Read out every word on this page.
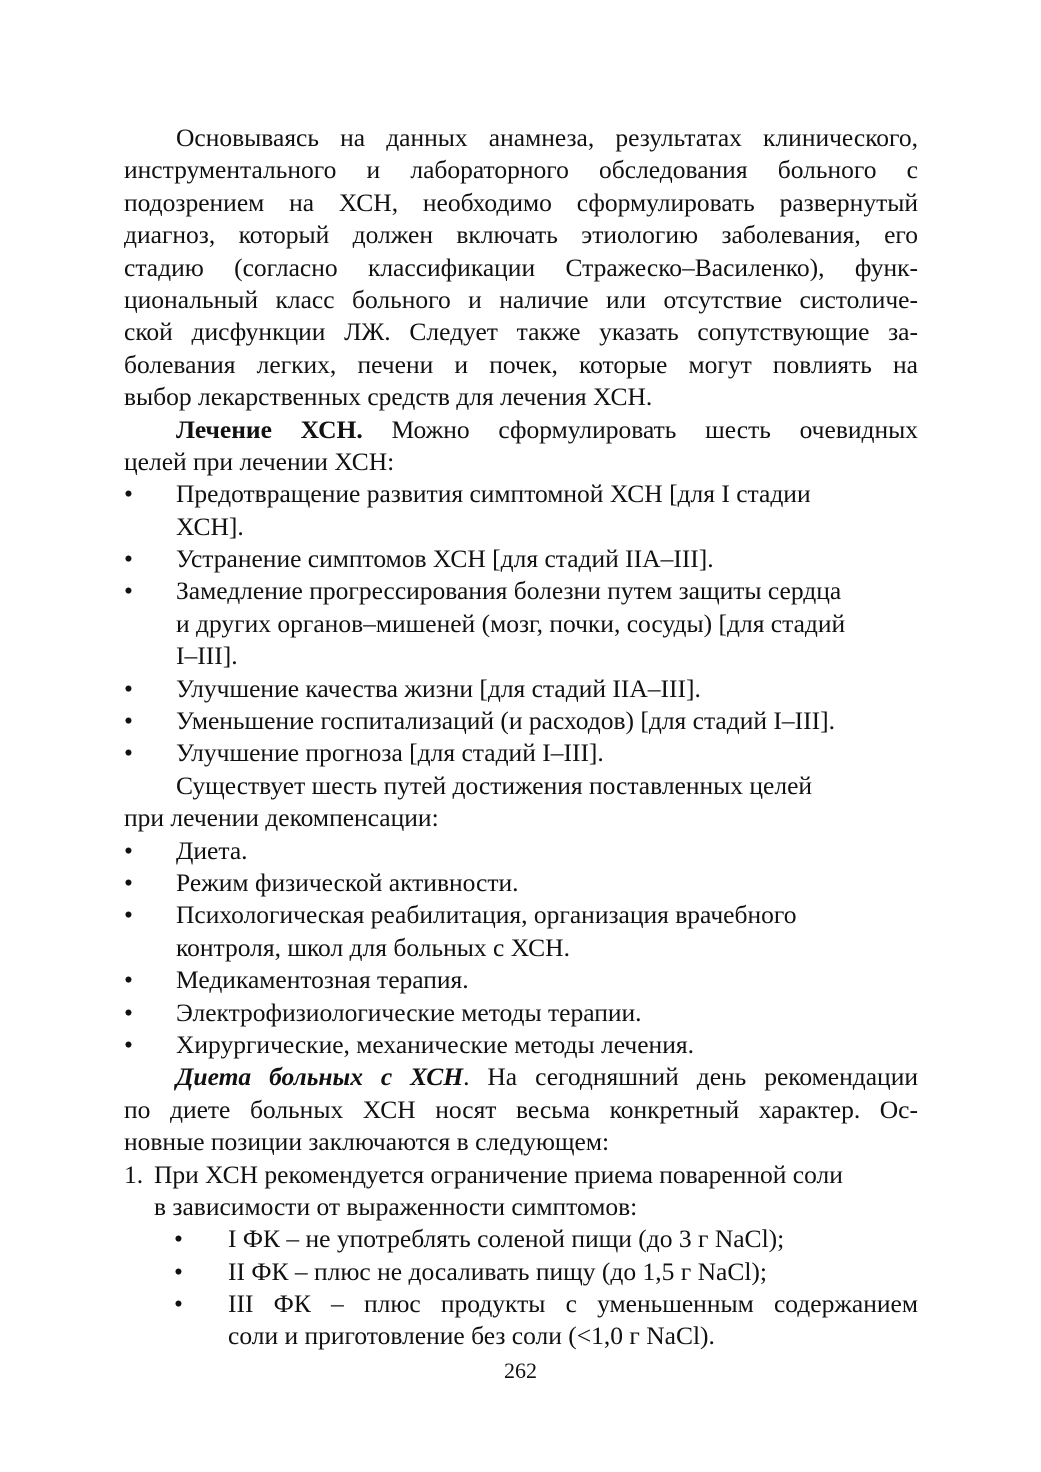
Основываясь на данных анамнеза, результатах клинического,
инструментального и лабораторного обследования больного с
подозрением на ХСН, необходимо сформулировать развернутый
диагноз, который должен включать этиологию заболевания, его
стадию (согласно классификации Стражеско–Василенко), функ-
циональный класс больного и наличие или отсутствие систоличе-
ской дисфункции ЛЖ. Следует также указать сопутствующие за-
болевания легких, печени и почек, которые могут повлиять на
выбор лекарственных средств для лечения ХСН.
Лечение ХСН. Можно сформулировать шесть очевидных
целей при лечении ХСН:
• Предотвращение развития симптомной ХСН [для I стадии
ХСН].
• Устранение симптомов ХСН [для стадий IIA–III].
• Замедление прогрессирования болезни путем защиты сердца
и других органов–мишеней (мозг, почки, сосуды) [для стадий
I–III].
• Улучшение качества жизни [для стадий IIA–III].
• Уменьшение госпитализаций (и расходов) [для стадий I–III].
• Улучшение прогноза [для стадий I–III].
Существует шесть путей достижения поставленных целей
при лечении декомпенсации:
• Диета.
• Режим физической активности.
• Психологическая реабилитация, организация врачебного
контроля, школ для больных с ХСН.
• Медикаментозная терапия.
• Электрофизиологические методы терапии.
• Хирургические, механические методы лечения.
Диета больных с ХСН. На сегодняшний день рекомендации
по диете больных ХСН носят весьма конкретный характер. Ос-
новные позиции заключаются в следующем:
1. При ХСН рекомендуется ограничение приема поваренной соли
в зависимости от выраженности симптомов:
• I ФК – не употреблять соленой пищи (до 3 г NaCl);
• II ФК – плюс не досаливать пищу (до 1,5 г NaCl);
• III ФК – плюс продукты с уменьшенным содержанием
соли и приготовление без соли (<1,0 г NaCl).
262
